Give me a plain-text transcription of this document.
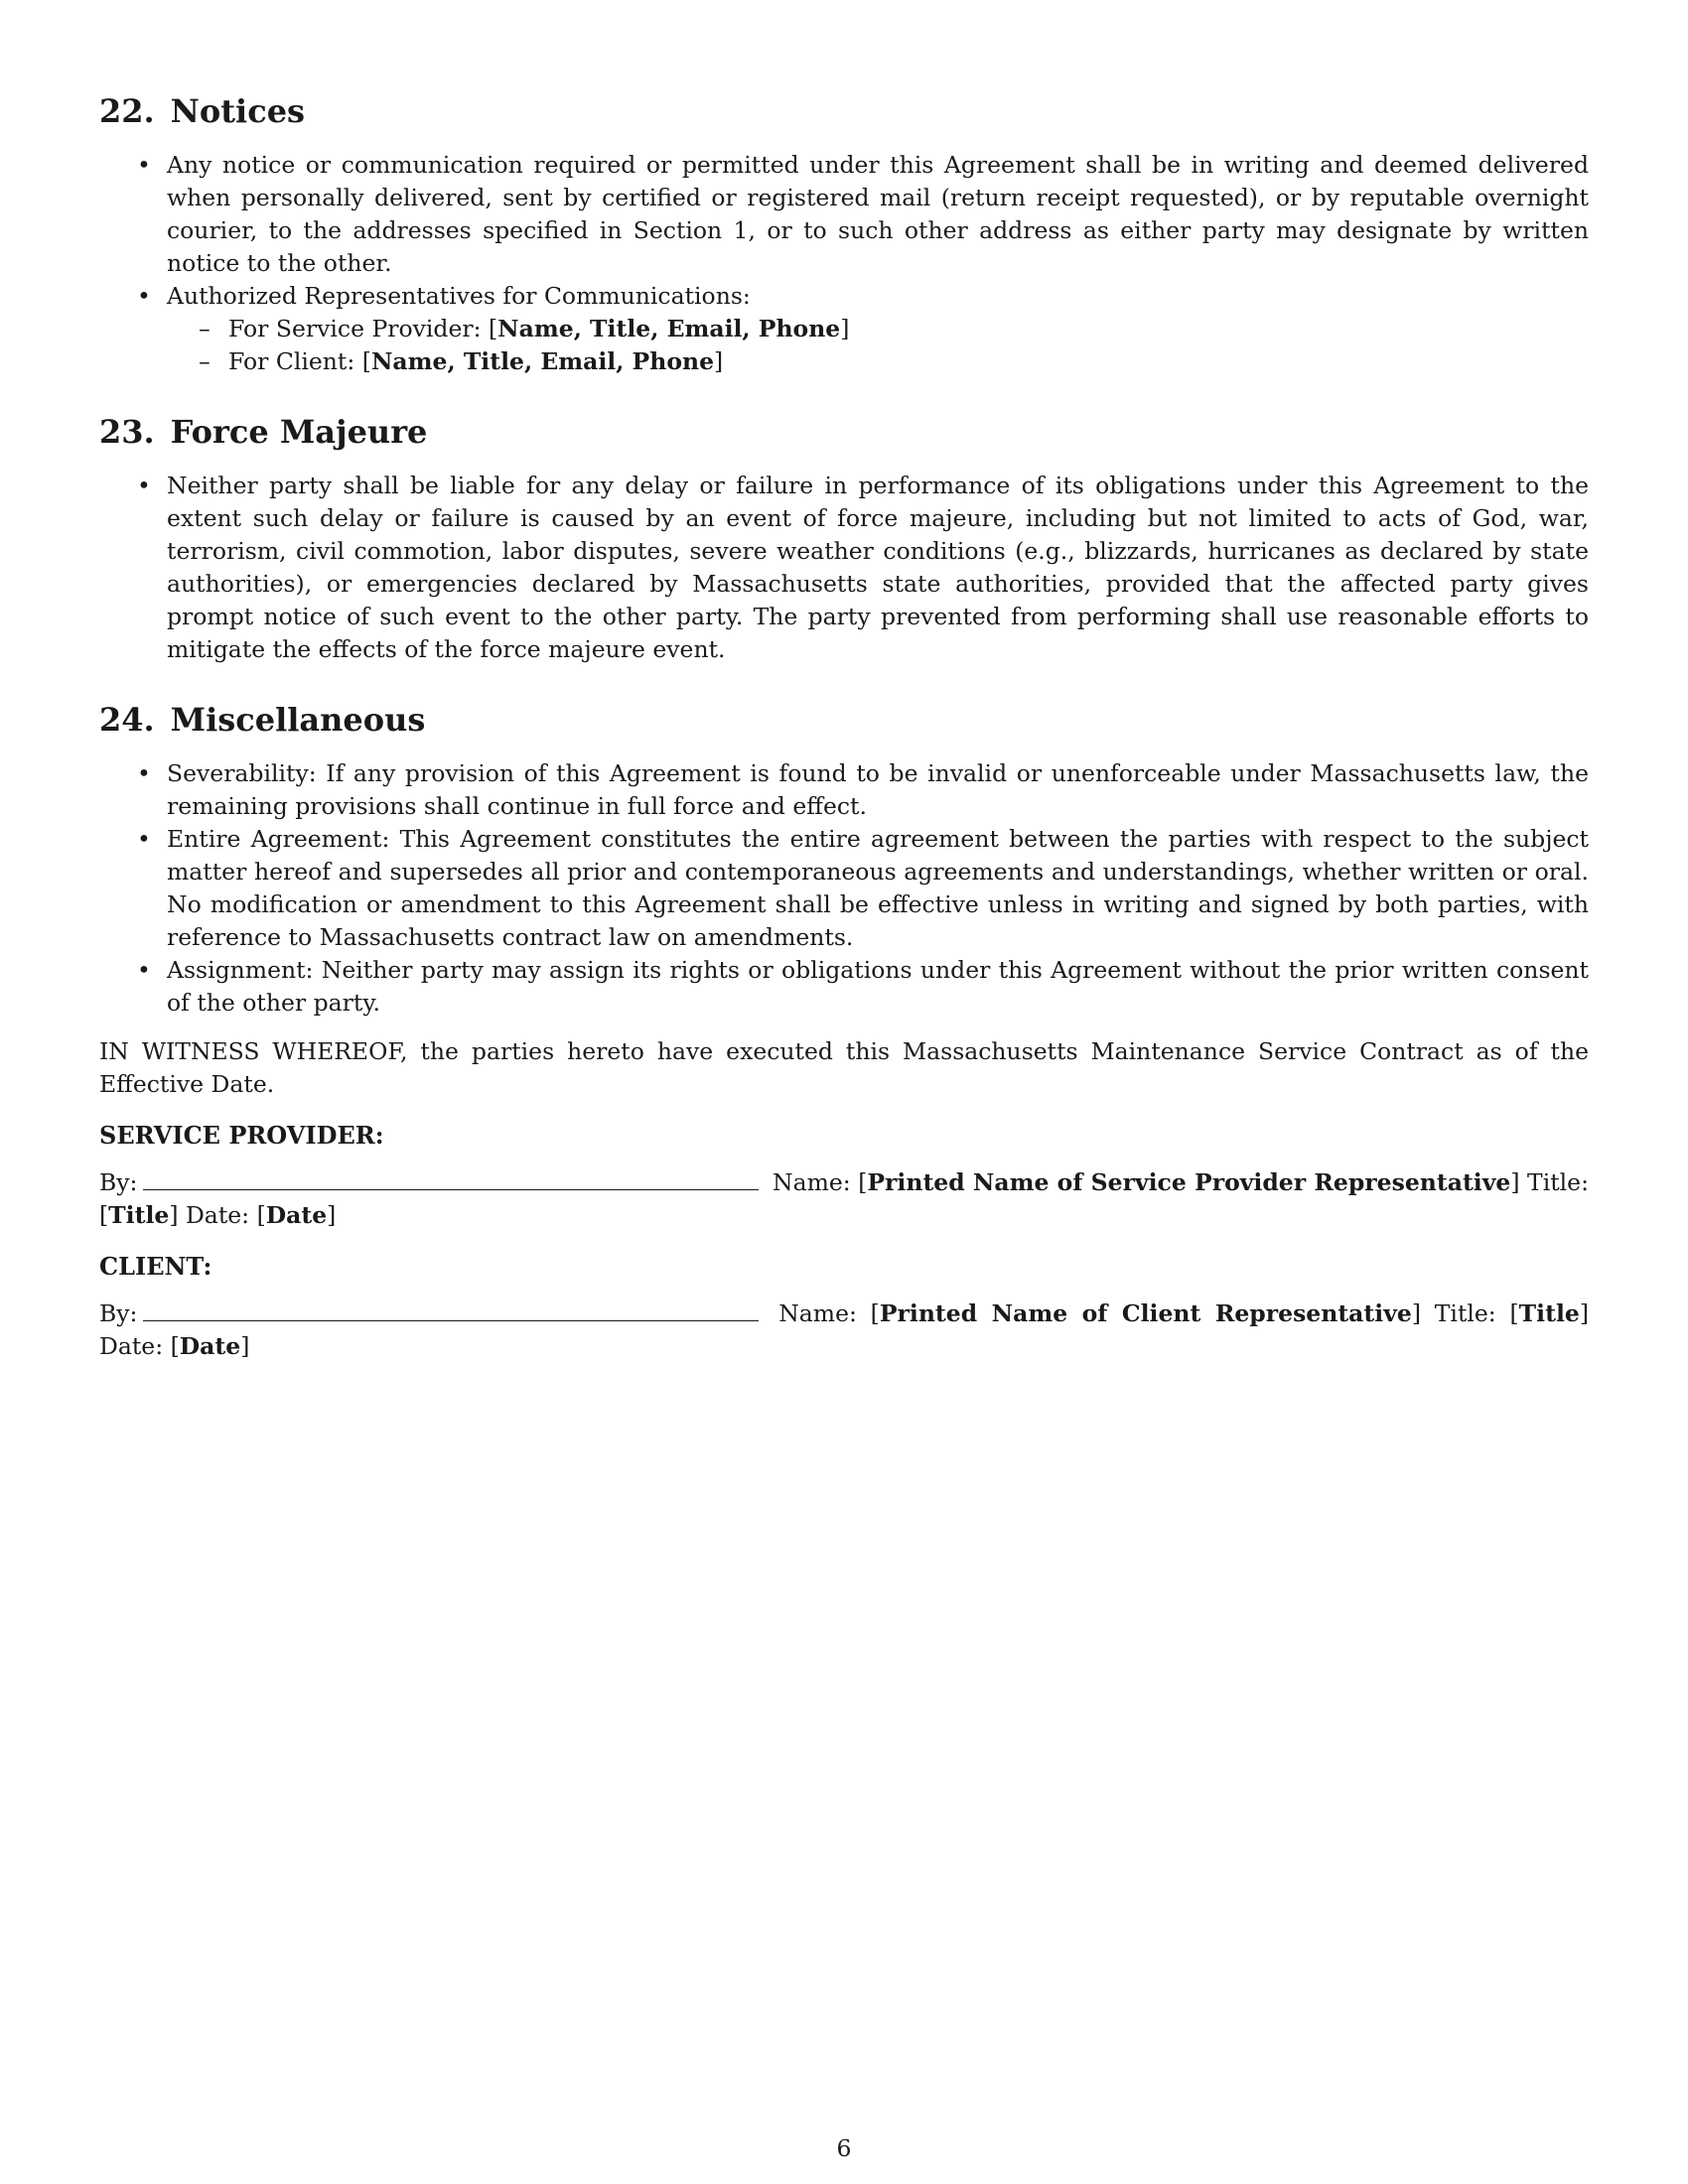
22. Notices
• Any notice or communication required or permitted under this Agreement shall be in writing and deemed delivered when personally delivered, sent by certified or registered mail (return receipt requested), or by reputable overnight courier, to the addresses specified in Section 1, or to such other address as either party may designate by written notice to the other.
• Authorized Representatives for Communications:
– For Service Provider: [Name, Title, Email, Phone]
– For Client: [Name, Title, Email, Phone]
23. Force Majeure
• Neither party shall be liable for any delay or failure in performance of its obligations under this Agreement to the extent such delay or failure is caused by an event of force majeure, including but not limited to acts of God, war, terrorism, civil commotion, labor disputes, severe weather conditions (e.g., blizzards, hurricanes as declared by state authorities), or emergencies declared by Massachusetts state authorities, provided that the affected party gives prompt notice of such event to the other party. The party prevented from performing shall use reasonable efforts to mitigate the effects of the force majeure event.
24. Miscellaneous
• Severability: If any provision of this Agreement is found to be invalid or unenforceable under Massachusetts law, the remaining provisions shall continue in full force and effect.
• Entire Agreement: This Agreement constitutes the entire agreement between the parties with respect to the subject matter hereof and supersedes all prior and contemporaneous agreements and understandings, whether written or oral. No modification or amendment to this Agreement shall be effective unless in writing and signed by both parties, with reference to Massachusetts contract law on amendments.
• Assignment: Neither party may assign its rights or obligations under this Agreement without the prior written consent of the other party.

IN WITNESS WHEREOF, the parties hereto have executed this Massachusetts Maintenance Service Contract as of the Effective Date.

SERVICE PROVIDER:
By:	Name: [Printed Name of Service Provider Representative] Title: [Title] Date: [Date]
CLIENT:
By:	Name: [Printed Name of Client Representative] Title: [Title] Date: [Date]
6
